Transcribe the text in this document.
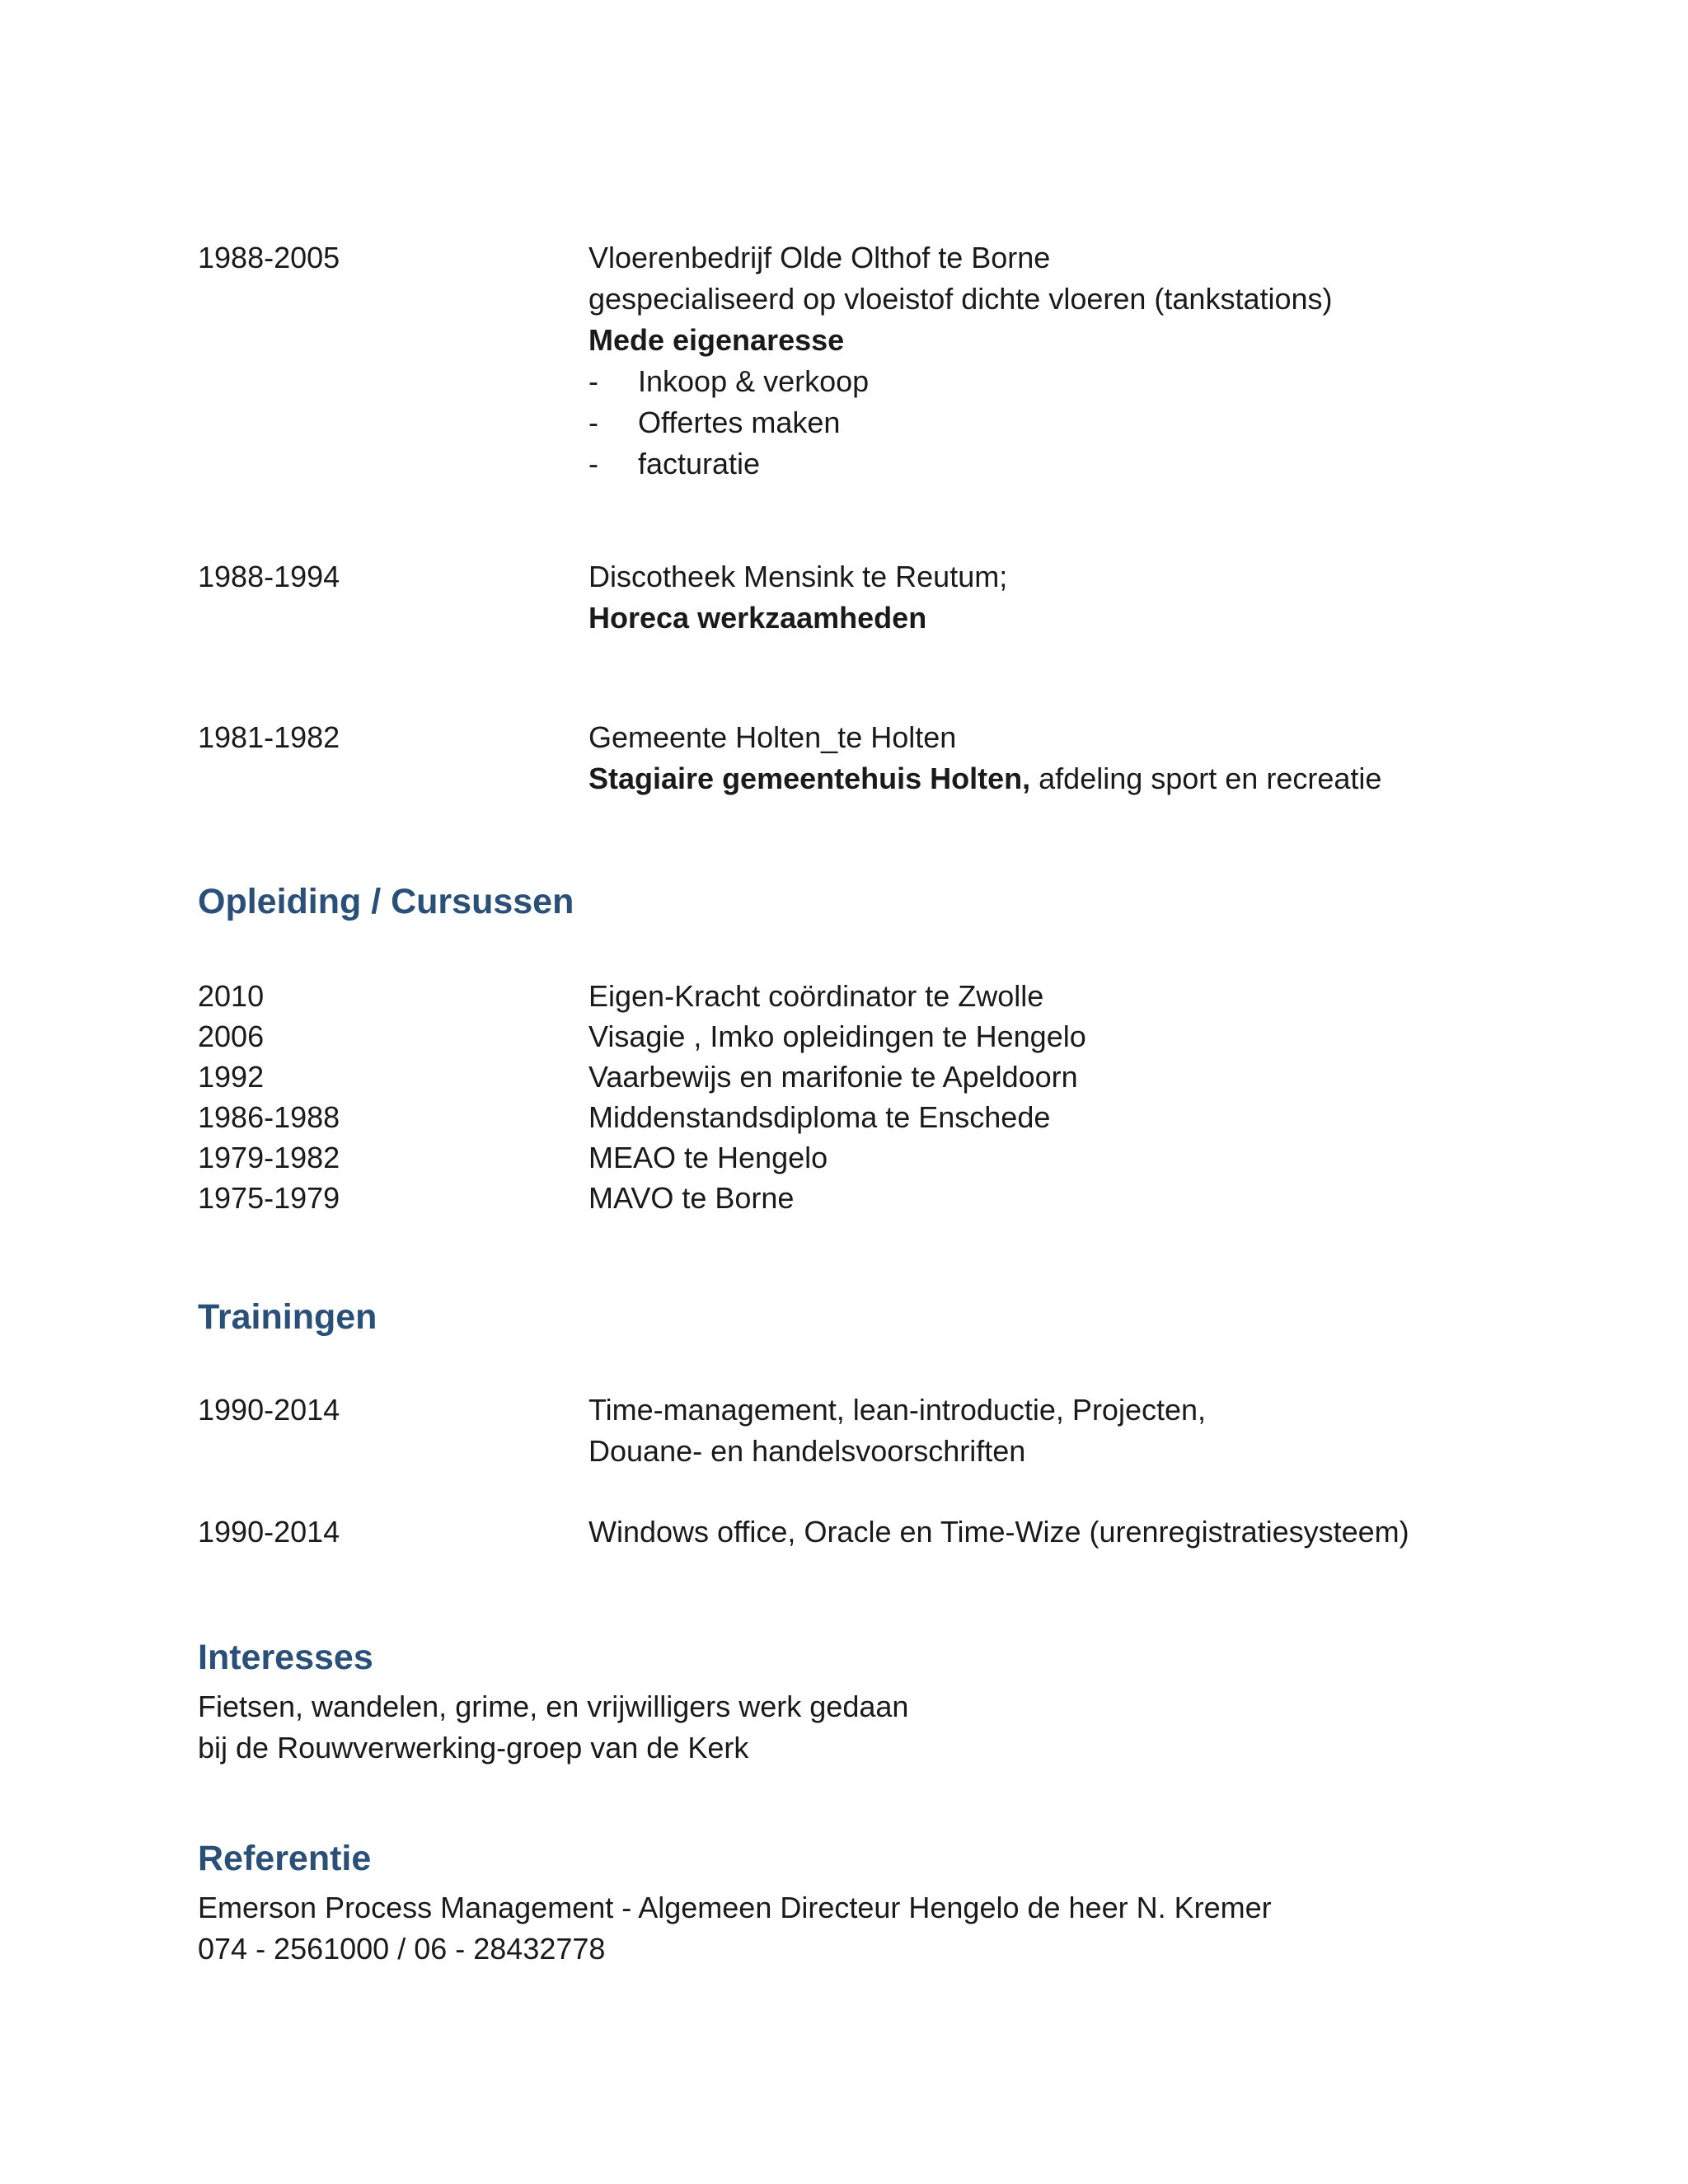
1988-2005	Vloerenbedrijf Olde Olthof te Borne
gespecialiseerd op vloeistof dichte vloeren (tankstations)
Mede eigenaresse
- Inkoop & verkoop
- Offertes maken
- facturatie
1988-1994	Discotheek Mensink te Reutum;
Horeca werkzaamheden
1981-1982	Gemeente Holten_te Holten
Stagiaire gemeentehuis Holten, afdeling sport en recreatie
Opleiding / Cursussen
2010	Eigen-Kracht coördinator te Zwolle
2006	Visagie , Imko opleidingen te Hengelo
1992	Vaarbewijs en marifonie te Apeldoorn
1986-1988	Middenstandsdiploma te Enschede
1979-1982	MEAO te Hengelo
1975-1979	MAVO te Borne
Trainingen
1990-2014	Time-management, lean-introductie, Projecten,
Douane- en handelsvoorschriften
1990-2014	Windows office, Oracle en Time-Wize (urenregistratiesysteem)
Interesses
Fietsen, wandelen, grime, en vrijwilligers werk gedaan
bij de Rouwverwerking-groep van de Kerk
Referentie
Emerson Process Management - Algemeen Directeur Hengelo de heer N. Kremer
074 - 2561000 / 06 - 28432778
